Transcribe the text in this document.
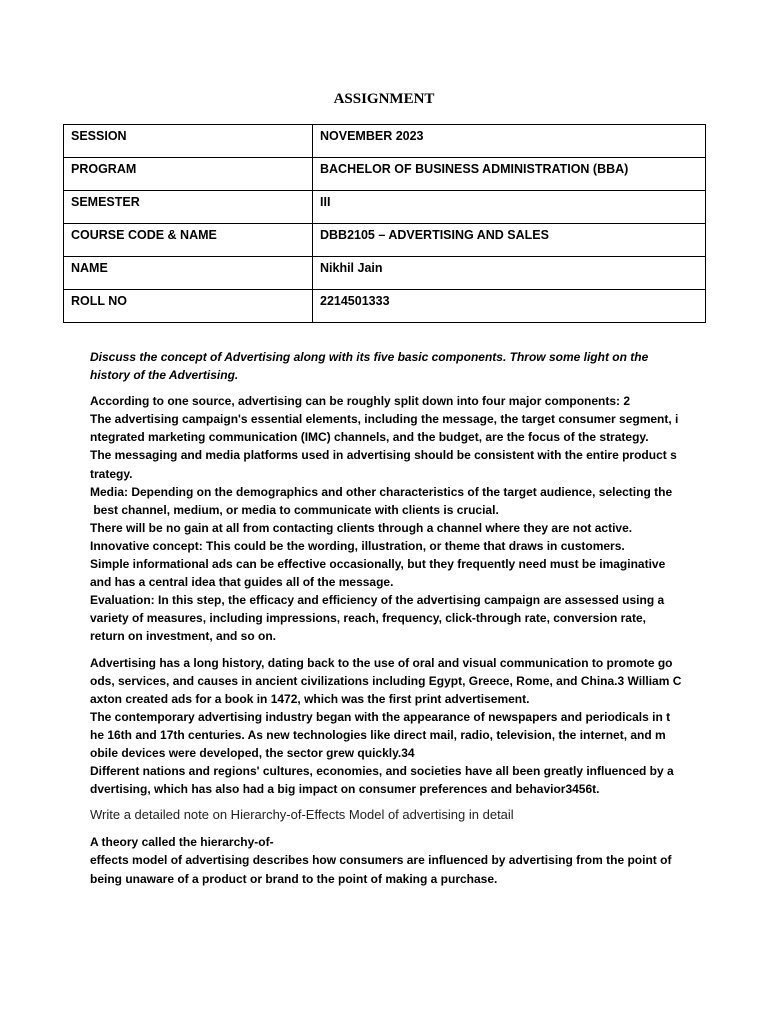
ASSIGNMENT
SESSION	NOVEMBER 2023

PROGRAM	BACHELOR OF BUSINESS ADMINISTRATION (BBA)

SEMESTER	III

COURSE CODE & NAME	DBB2105 – ADVERTISING AND SALES

NAME	Nikhil Jain

ROLL NO	2214501333

Discuss the concept of Advertising along with its five basic components. Throw some light on the
history of the Advertising.

According to one source, advertising can be roughly split down into four major components: 2
The advertising campaign's essential elements, including the message, the target consumer segment, i
ntegrated marketing communication (IMC) channels, and the budget, are the focus of the strategy.
The messaging and media platforms used in advertising should be consistent with the entire product s
trategy.
Media: Depending on the demographics and other characteristics of the target audience, selecting the
best channel, medium, or media to communicate with clients is crucial.
There will be no gain at all from contacting clients through a channel where they are not active.
Innovative concept: This could be the wording, illustration, or theme that draws in customers.
Simple informational ads can be effective occasionally, but they frequently need must be imaginative
and has a central idea that guides all of the message.
Evaluation: In this step, the efficacy and efficiency of the advertising campaign are assessed using a
variety of measures, including impressions, reach, frequency, click-through rate, conversion rate,
return on investment, and so on.

Advertising has a long history, dating back to the use of oral and visual communication to promote go
ods, services, and causes in ancient civilizations including Egypt, Greece, Rome, and China.3 William C
axton created ads for a book in 1472, which was the first print advertisement.
The contemporary advertising industry began with the appearance of newspapers and periodicals in t
he 16th and 17th centuries. As new technologies like direct mail, radio, television, the internet, and m
obile devices were developed, the sector grew quickly.34
Different nations and regions' cultures, economies, and societies have all been greatly influenced by a
dvertising, which has also had a big impact on consumer preferences and behavior3456t.

Write a detailed note on Hierarchy-of-Effects Model of advertising in detail

A theory called the hierarchy-of-
effects model of advertising describes how consumers are influenced by advertising from the point of
being unaware of a product or brand to the point of making a purchase.
